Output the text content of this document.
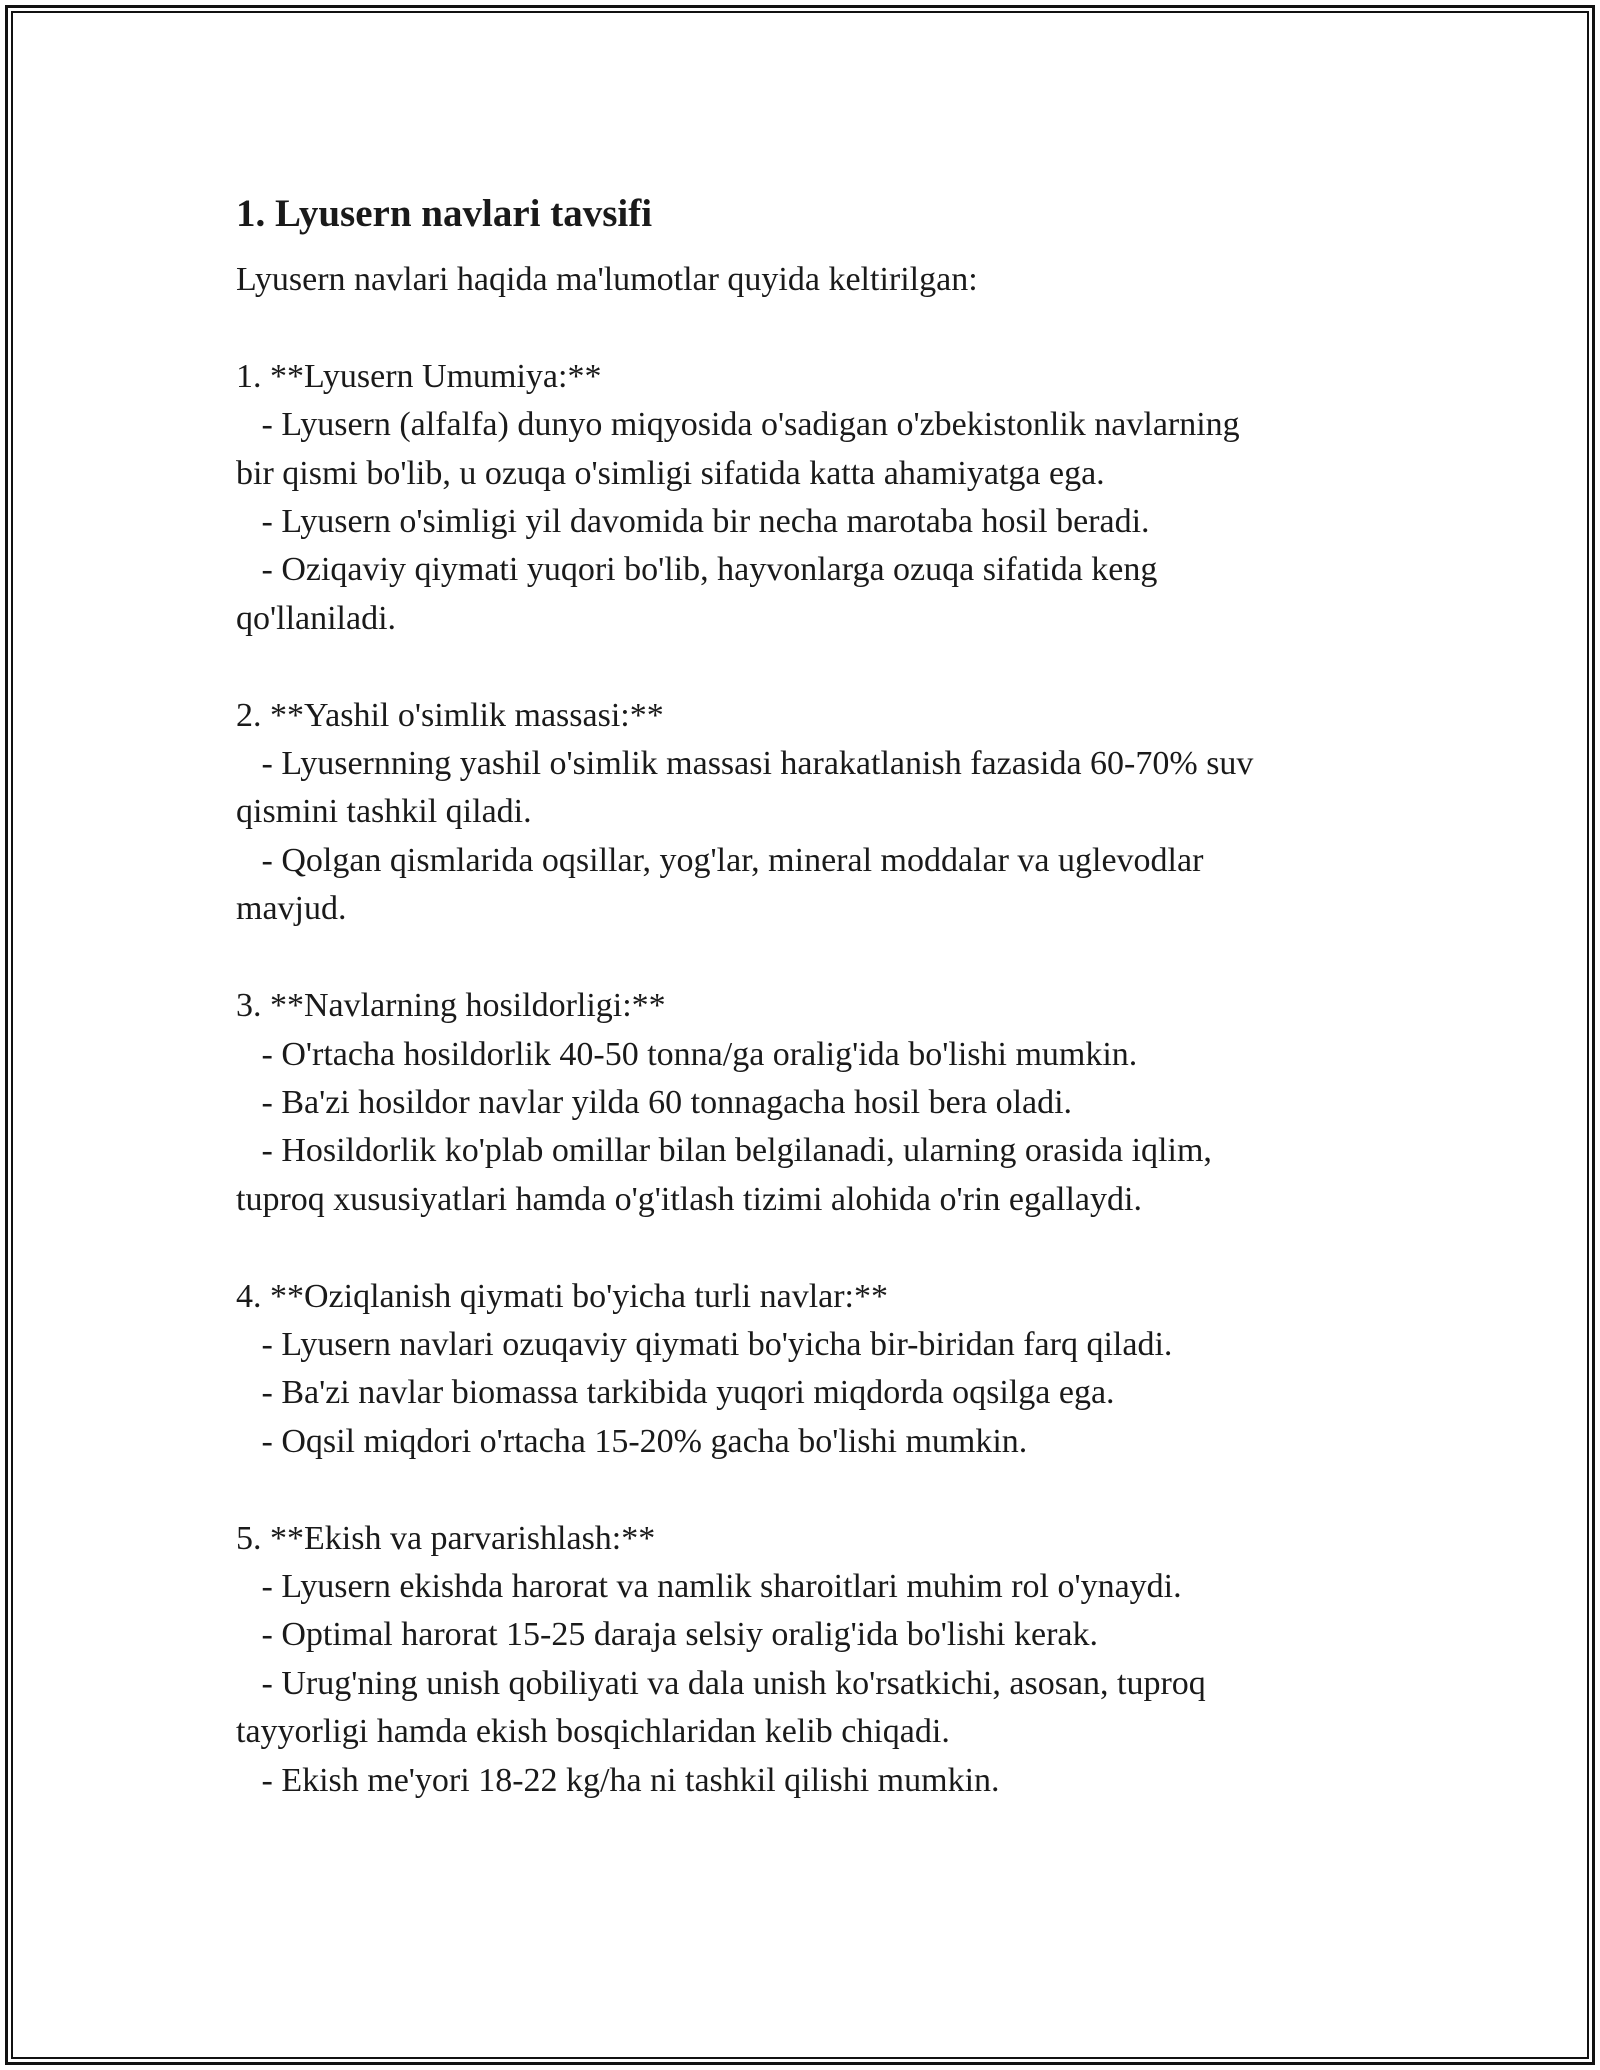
1. Lyusern navlari tavsifi

Lyusern navlari haqida ma'lumotlar quyida keltirilgan:

1. **Lyusern Umumiya:**
- Lyusern (alfalfa) dunyo miqyosida o'sadigan o'zbekistonlik navlarning
bir qismi bo'lib, u ozuqa o'simligi sifatida katta ahamiyatga ega.
- Lyusern o'simligi yil davomida bir necha marotaba hosil beradi.
- Oziqaviy qiymati yuqori bo'lib, hayvonlarga ozuqa sifatida keng
qo'llaniladi.

2. **Yashil o'simlik massasi:**
- Lyusernning yashil o'simlik massasi harakatlanish fazasida 60-70% suv
qismini tashkil qiladi.
- Qolgan qismlarida oqsillar, yog'lar, mineral moddalar va uglevodlar
mavjud.

3. **Navlarning hosildorligi:**
- O'rtacha hosildorlik 40-50 tonna/ga oralig'ida bo'lishi mumkin.
- Ba'zi hosildor navlar yilda 60 tonnagacha hosil bera oladi.
- Hosildorlik ko'plab omillar bilan belgilanadi, ularning orasida iqlim,
tuproq xususiyatlari hamda o'g'itlash tizimi alohida o'rin egallaydi.

4. **Oziqlanish qiymati bo'yicha turli navlar:**
- Lyusern navlari ozuqaviy qiymati bo'yicha bir-biridan farq qiladi.
- Ba'zi navlar biomassa tarkibida yuqori miqdorda oqsilga ega.
- Oqsil miqdori o'rtacha 15-20% gacha bo'lishi mumkin.

5. **Ekish va parvarishlash:**
- Lyusern ekishda harorat va namlik sharoitlari muhim rol o'ynaydi.
- Optimal harorat 15-25 daraja selsiy oralig'ida bo'lishi kerak.
- Urug'ning unish qobiliyati va dala unish ko'rsatkichi, asosan, tuproq
tayyorligi hamda ekish bosqichlaridan kelib chiqadi.
- Ekish me'yori 18-22 kg/ha ni tashkil qilishi mumkin.
